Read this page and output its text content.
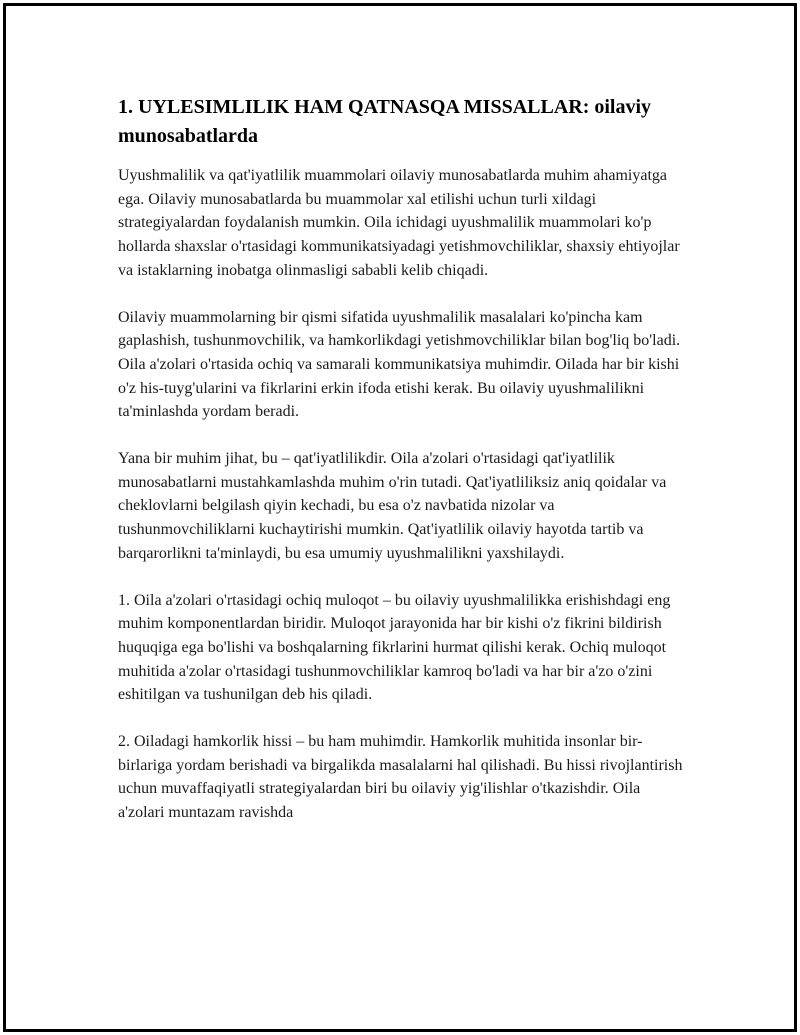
1. UYLESIMLILIK HAM QATNASQA MISSALLAR: oilaviy munosabatlarda

Uyushmalilik va qat'iyatlilik muammolari oilaviy munosabatlarda muhim ahamiyatga ega. Oilaviy munosabatlarda bu muammolar xal etilishi uchun turli xildagi strategiyalardan foydalanish mumkin. Oila ichidagi uyushmalilik muammolari ko'p hollarda shaxslar o'rtasidagi kommunikatsiyadagi yetishmovchiliklar, shaxsiy ehtiyojlar va istaklarning inobatga olinmasligi sababli kelib chiqadi.

Oilaviy muammolarning bir qismi sifatida uyushmalilik masalalari ko'pincha kam gaplashish, tushunmovchilik, va hamkorlikdagi yetishmovchiliklar bilan bog'liq bo'ladi. Oila a'zolari o'rtasida ochiq va samarali kommunikatsiya muhimdir. Oilada har bir kishi o'z his-tuyg'ularini va fikrlarini erkin ifoda etishi kerak. Bu oilaviy uyushmalilikni ta'minlashda yordam beradi.

Yana bir muhim jihat, bu – qat'iyatlilikdir. Oila a'zolari o'rtasidagi qat'iyatlilik munosabatlarni mustahkamlashda muhim o'rin tutadi. Qat'iyatliliksiz aniq qoidalar va cheklovlarni belgilash qiyin kechadi, bu esa o'z navbatida nizolar va tushunmovchiliklarni kuchaytirishi mumkin. Qat'iyatlilik oilaviy hayotda tartib va barqarorlikni ta'minlaydi, bu esa umumiy uyushmalilikni yaxshilaydi.

1. Oila a'zolari o'rtasidagi ochiq muloqot – bu oilaviy uyushmalilikka erishishdagi eng muhim komponentlardan biridir. Muloqot jarayonida har bir kishi o'z fikrini bildirish huquqiga ega bo'lishi va boshqalarning fikrlarini hurmat qilishi kerak. Ochiq muloqot muhitida a'zolar o'rtasidagi tushunmovchiliklar kamroq bo'ladi va har bir a'zo o'zini eshitilgan va tushunilgan deb his qiladi.

2. Oiladagi hamkorlik hissi – bu ham muhimdir. Hamkorlik muhitida insonlar bir-birlariga yordam berishadi va birgalikda masalalarni hal qilishadi. Bu hissi rivojlantirish uchun muvaffaqiyatli strategiyalardan biri bu oilaviy yig'ilishlar o'tkazishdir. Oila a'zolari muntazam ravishda
